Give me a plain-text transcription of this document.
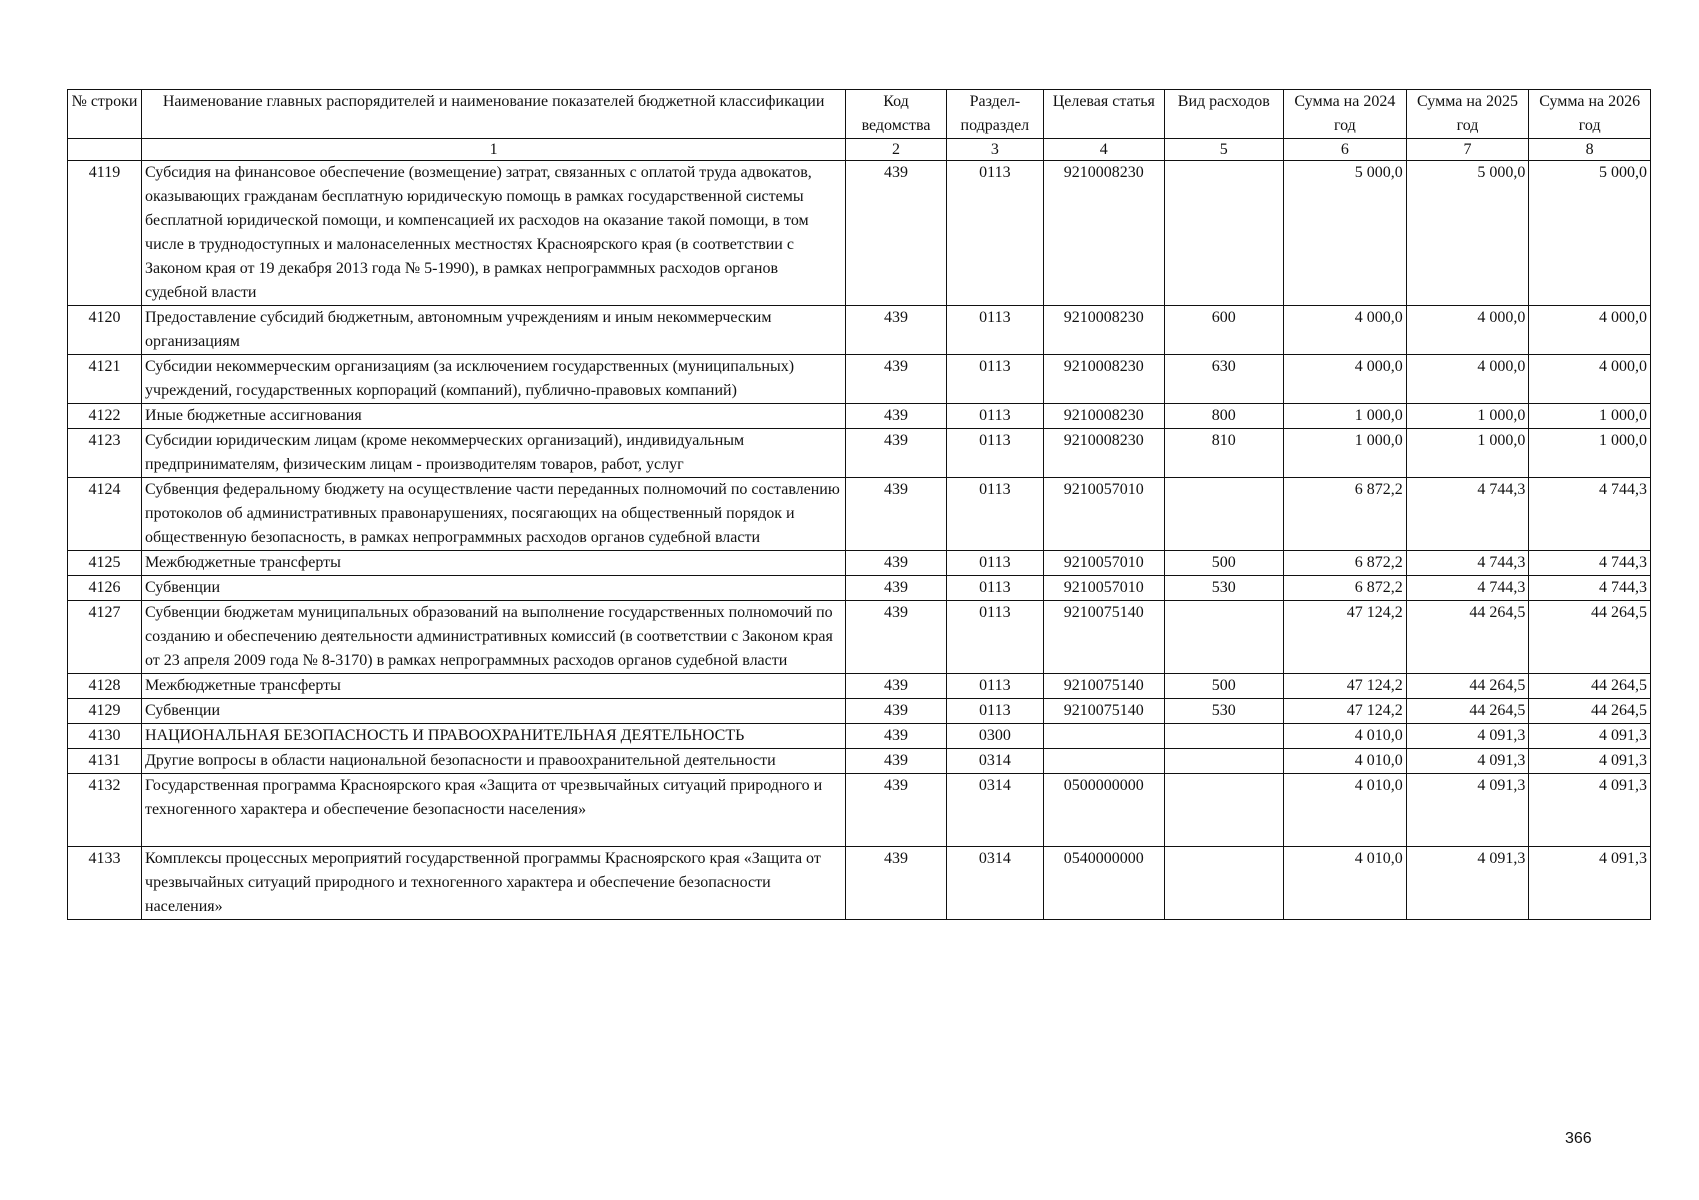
№ строки	Наименование главных распорядителей и наименование показателей бюджетной классификации	Код ведомства	Раздел-подраздел	Целевая статья	Вид расходов	Сумма на 2024 год	Сумма на 2025 год	Сумма на 2026 год
	1	2	3	4	5	6	7	8
4119	Субсидия на финансовое обеспечение (возмещение) затрат, связанных с оплатой труда адвокатов, оказывающих гражданам бесплатную юридическую помощь в рамках государственной системы бесплатной юридической помощи, и компенсацией их расходов на оказание такой помощи, в том числе в труднодоступных и малонаселенных местностях Красноярского края (в соответствии с Законом края от 19 декабря 2013 года № 5-1990), в рамках непрограммных расходов органов судебной власти	439	0113	9210008230		5 000,0	5 000,0	5 000,0
4120	Предоставление субсидий бюджетным, автономным учреждениям и иным некоммерческим организациям	439	0113	9210008230	600	4 000,0	4 000,0	4 000,0
4121	Субсидии некоммерческим организациям (за исключением государственных (муниципальных) учреждений, государственных корпораций (компаний), публично-правовых компаний)	439	0113	9210008230	630	4 000,0	4 000,0	4 000,0
4122	Иные бюджетные ассигнования	439	0113	9210008230	800	1 000,0	1 000,0	1 000,0
4123	Субсидии юридическим лицам (кроме некоммерческих организаций), индивидуальным предпринимателям, физическим лицам - производителям товаров, работ, услуг	439	0113	9210008230	810	1 000,0	1 000,0	1 000,0
4124	Субвенция федеральному бюджету на осуществление части переданных полномочий по составлению протоколов об административных правонарушениях, посягающих на общественный порядок и общественную безопасность, в рамках непрограммных расходов органов судебной власти	439	0113	9210057010		6 872,2	4 744,3	4 744,3
4125	Межбюджетные трансферты	439	0113	9210057010	500	6 872,2	4 744,3	4 744,3
4126	Субвенции	439	0113	9210057010	530	6 872,2	4 744,3	4 744,3
4127	Субвенции бюджетам муниципальных образований на выполнение государственных полномочий по созданию и обеспечению деятельности административных комиссий (в соответствии с Законом края от 23 апреля 2009 года № 8-3170) в рамках непрограммных расходов органов судебной власти	439	0113	9210075140		47 124,2	44 264,5	44 264,5
4128	Межбюджетные трансферты	439	0113	9210075140	500	47 124,2	44 264,5	44 264,5
4129	Субвенции	439	0113	9210075140	530	47 124,2	44 264,5	44 264,5
4130	НАЦИОНАЛЬНАЯ БЕЗОПАСНОСТЬ И ПРАВООХРАНИТЕЛЬНАЯ ДЕЯТЕЛЬНОСТЬ	439	0300			4 010,0	4 091,3	4 091,3
4131	Другие вопросы в области национальной безопасности и правоохранительной деятельности	439	0314			4 010,0	4 091,3	4 091,3
4132	Государственная программа Красноярского края «Защита от чрезвычайных ситуаций природного и техногенного характера и обеспечение безопасности населения»	439	0314	0500000000		4 010,0	4 091,3	4 091,3
4133	Комплексы процессных мероприятий государственной программы Красноярского края «Защита от чрезвычайных ситуаций природного и техногенного характера и обеспечение безопасности населения»	439	0314	0540000000		4 010,0	4 091,3	4 091,3
366
